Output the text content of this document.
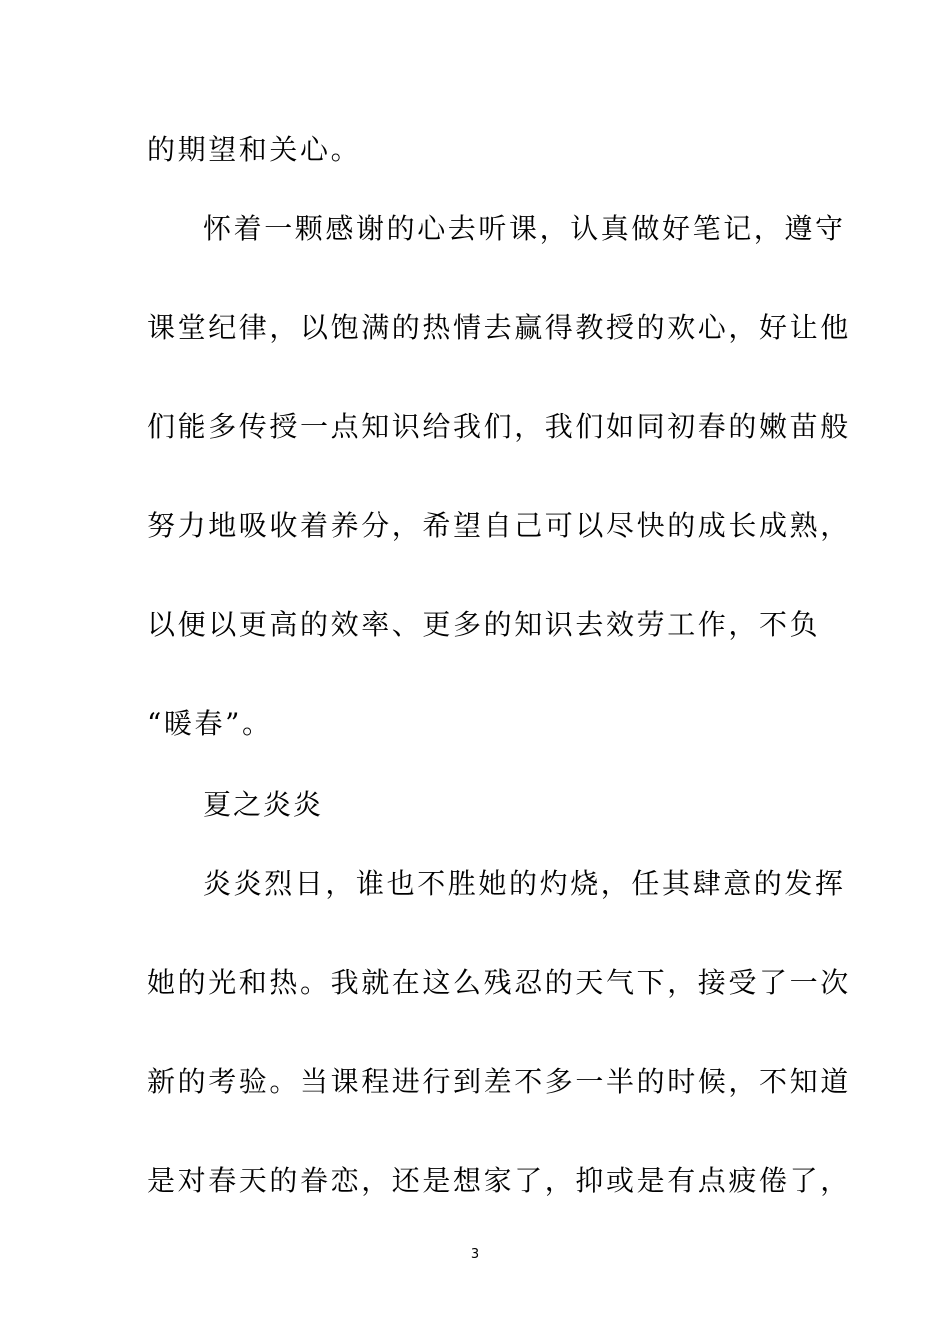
的期望和关心。
怀着一颗感谢的心去听课，认真做好笔记，遵守
课堂纪律，以饱满的热情去赢得教授的欢心，好让他
们能多传授一点知识给我们，我们如同初春的嫩苗般
努力地吸收着养分，希望自己可以尽快的成长成熟，
以便以更高的效率、更多的知识去效劳工作，不负
“暖春”。
夏之炎炎
炎炎烈日，谁也不胜她的灼烧，任其肆意的发挥
她的光和热。我就在这么残忍的天气下，接受了一次
新的考验。当课程进行到差不多一半的时候，不知道
是对春天的眷恋，还是想家了，抑或是有点疲倦了，
3
